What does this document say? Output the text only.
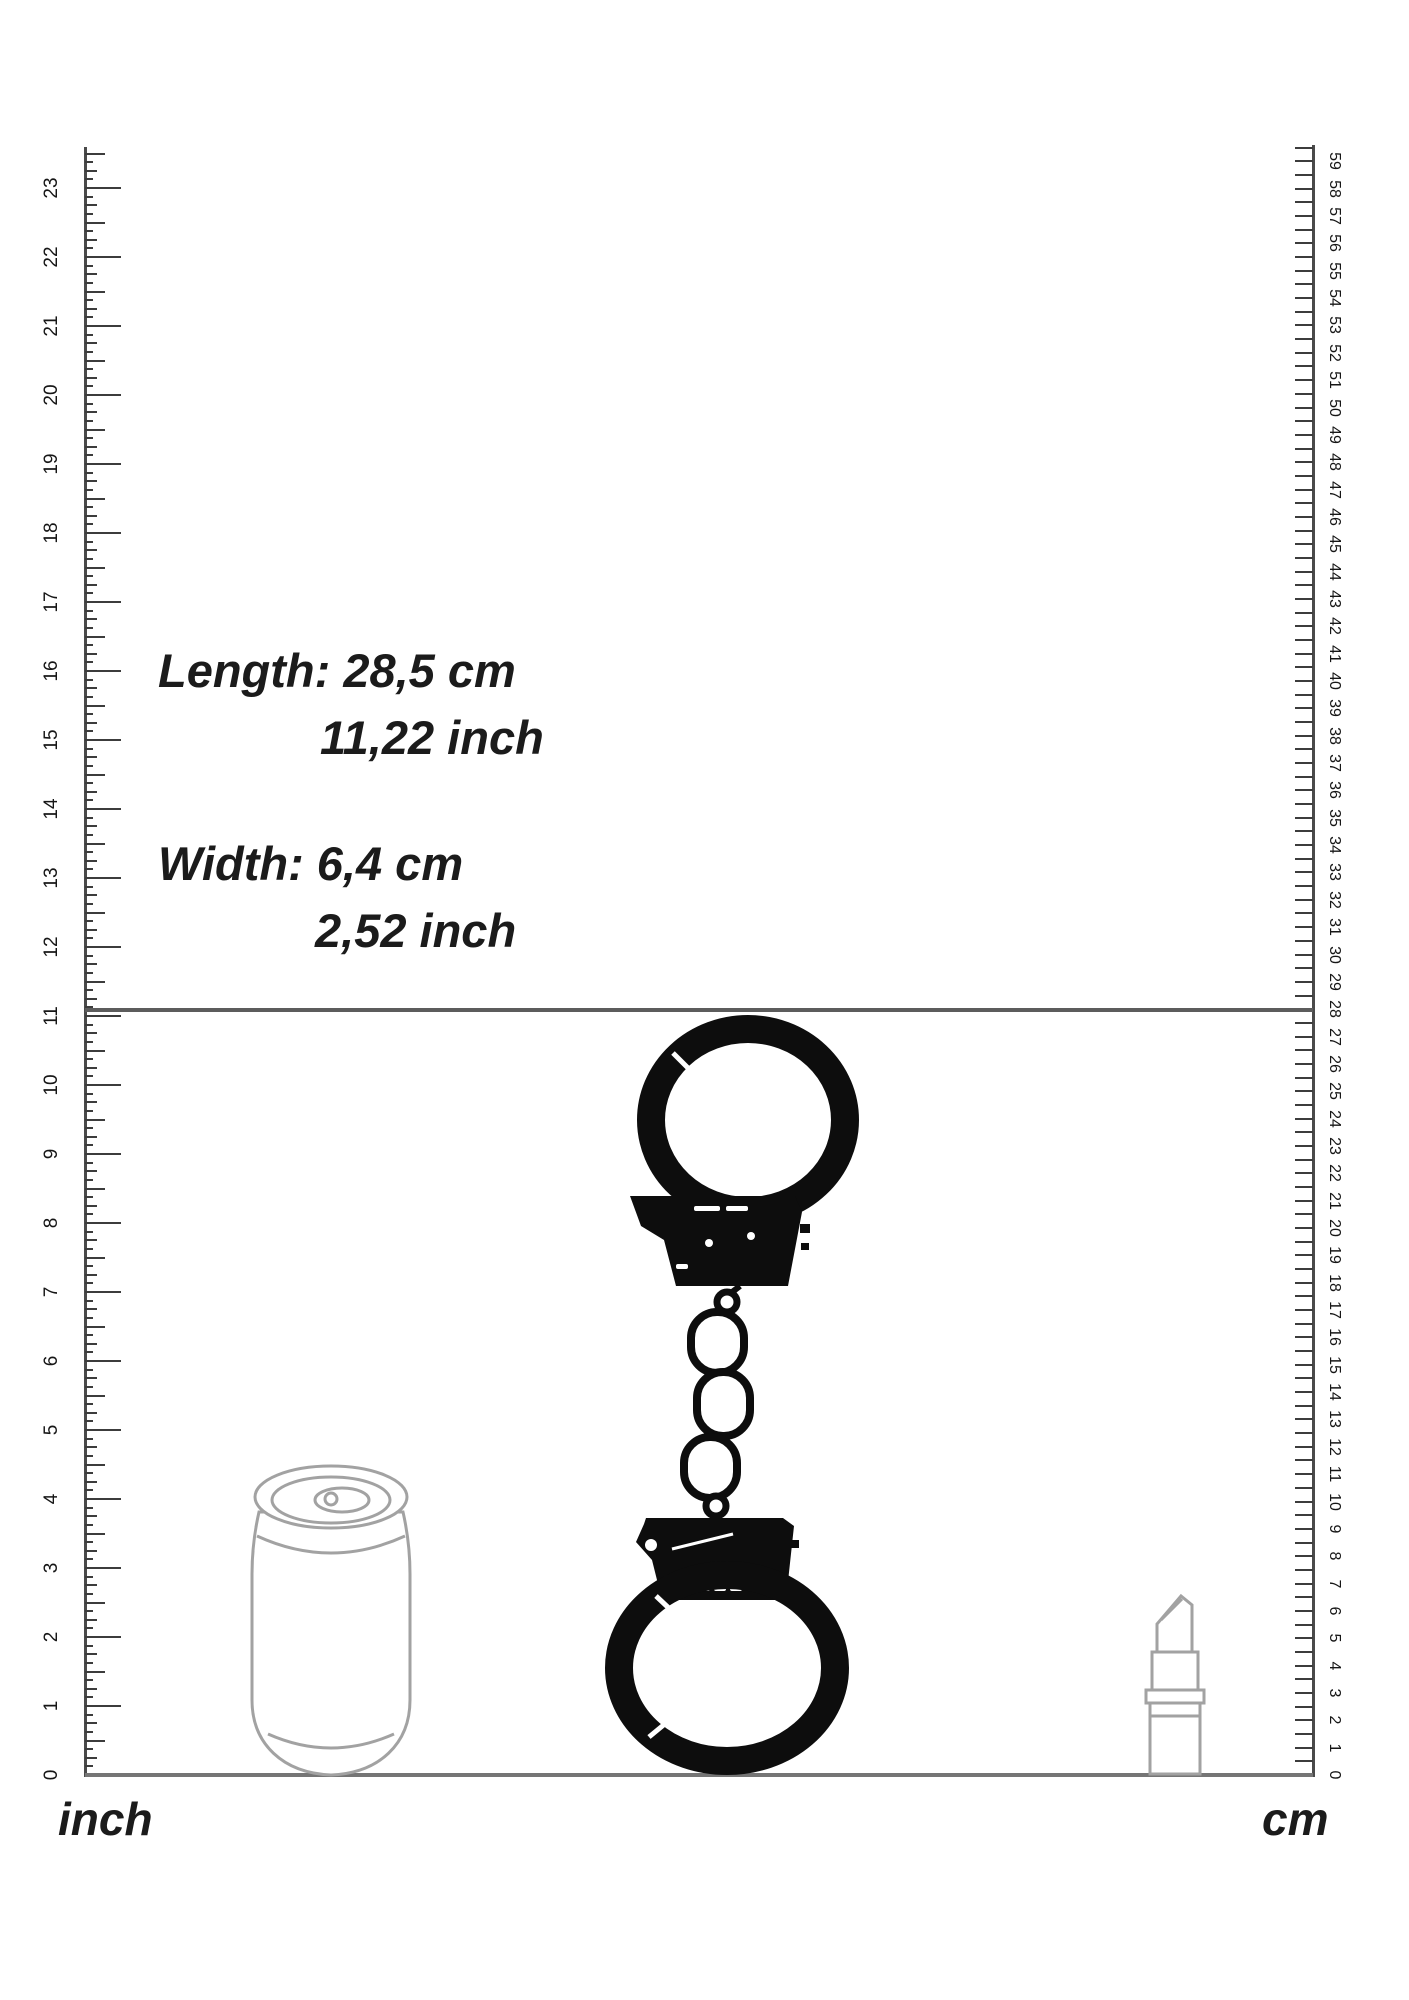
Length: 28,5 cm
11,22 inch
Width: 6,4 cm
2,52 inch
0
1
2
3
4
5
6
7
8
9
10
11
12
13
14
15
16
17
18
19
20
21
22
23
0
1
2
3
4
5
6
7
8
9
10
11
12
13
14
15
16
17
18
19
20
21
22
23
24
25
26
27
28
29
30
31
32
33
34
35
36
37
38
39
40
41
42
43
44
45
46
47
48
49
50
51
52
53
54
55
56
57
58
59
inch	cm
